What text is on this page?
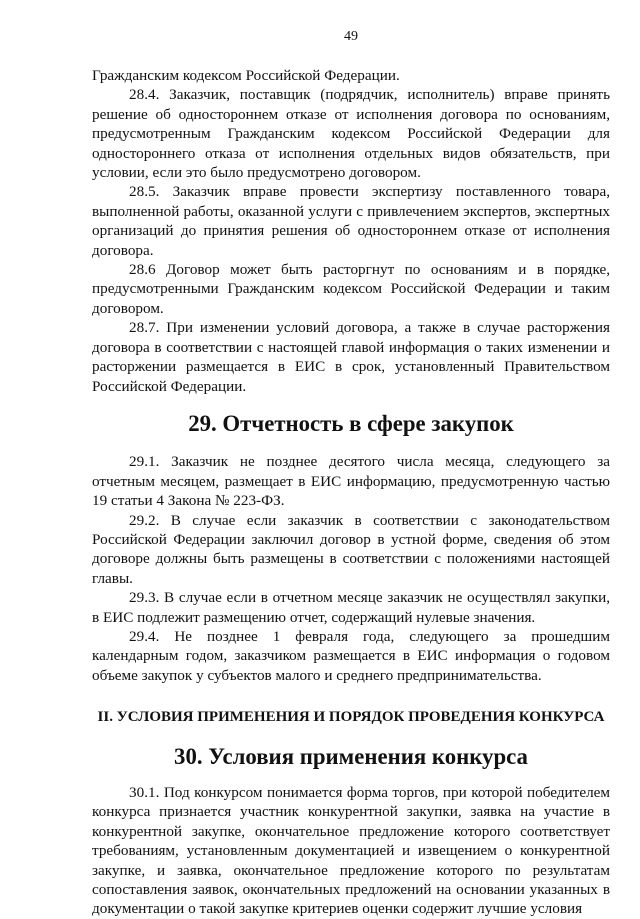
49

Гражданским кодексом Российской Федерации.

28.4. Заказчик, поставщик (подрядчик, исполнитель) вправе принять решение об одностороннем отказе от исполнения договора по основаниям, предусмотренным Гражданским кодексом Российской Федерации для одностороннего отказа от исполнения отдельных видов обязательств, при условии, если это было предусмотрено договором.

28.5. Заказчик вправе провести экспертизу поставленного товара, выполненной работы, оказанной услуги с привлечением экспертов, экспертных организаций до принятия решения об одностороннем отказе от исполнения договора.

28.6 Договор может быть расторгнут по основаниям и в порядке, предусмотренными Гражданским кодексом Российской Федерации и таким договором.

28.7. При изменении условий договора, а также в случае расторжения договора в соответствии с настоящей главой информация о таких изменении и расторжении размещается в ЕИС в срок, установленный Правительством Российской Федерации.

29. Отчетность в сфере закупок

29.1. Заказчик не позднее десятого числа месяца, следующего за отчетным месяцем, размещает в ЕИС информацию, предусмотренную частью 19 статьи 4 Закона № 223-ФЗ.

29.2. В случае если заказчик в соответствии с законодательством Российской Федерации заключил договор в устной форме, сведения об этом договоре должны быть размещены в соответствии с положениями настоящей главы.

29.3. В случае если в отчетном месяце заказчик не осуществлял закупки, в ЕИС подлежит размещению отчет, содержащий нулевые значения.

29.4. Не позднее 1 февраля года, следующего за прошедшим календарным годом, заказчиком размещается в ЕИС информация о годовом объеме закупок у субъектов малого и среднего предпринимательства.

II. УСЛОВИЯ ПРИМЕНЕНИЯ И ПОРЯДОК ПРОВЕДЕНИЯ КОНКУРСА
30. Условия применения конкурса

30.1. Под конкурсом понимается форма торгов, при которой победителем конкурса признается участник конкурентной закупки, заявка на участие в конкурентной закупке, окончательное предложение которого соответствует требованиям, установленным документацией и извещением о конкурентной закупке, и заявка, окончательное предложение которого по результатам сопоставления заявок, окончательных предложений на основании указанных в документации о такой закупке критериев оценки содержит лучшие условия
